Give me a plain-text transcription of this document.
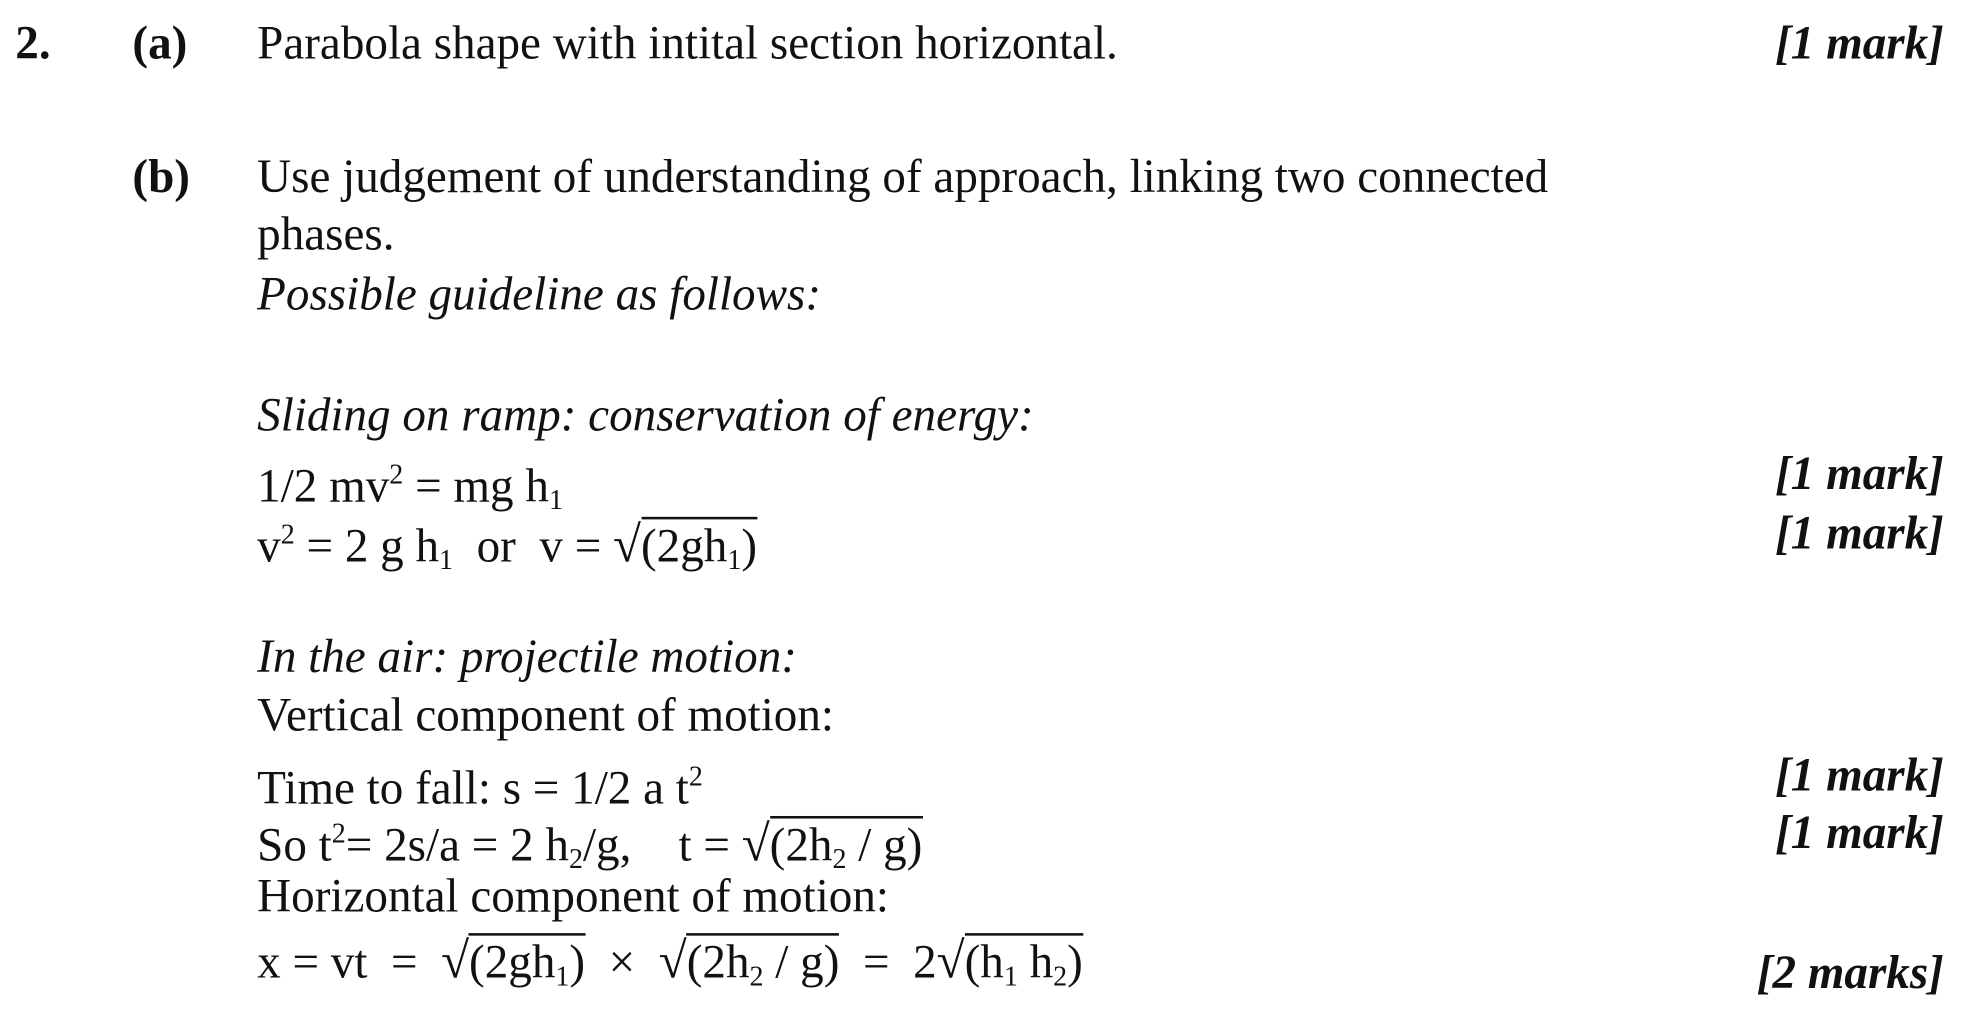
2. (a) Parabola shape with intital section horizontal.	[1 mark]
(b) Use judgement of understanding of approach, linking two connected
phases.
Possible guideline as follows:
Sliding on ramp: conservation of energy:
1/2 $mv^2$ = mg $h_1$	[1 mark]
$v^2 = 2$ g $h_1$  or  $v = √(2gh_1)$	[1 mark]
In the air: projectile motion:
Vertical component of motion:
Time to fall: s = 1/2 a $t^2$	[1 mark]
So $t^2= 2s/a = 2$ $h_2/g$,    $t = √(2h_2 / g)$	[1 mark]
Horizontal component of motion:
x = vt  =  $√(2gh_1) \times √(2h_2 / g) = 2√(h_1$ $h_2$)	[2 marks]
